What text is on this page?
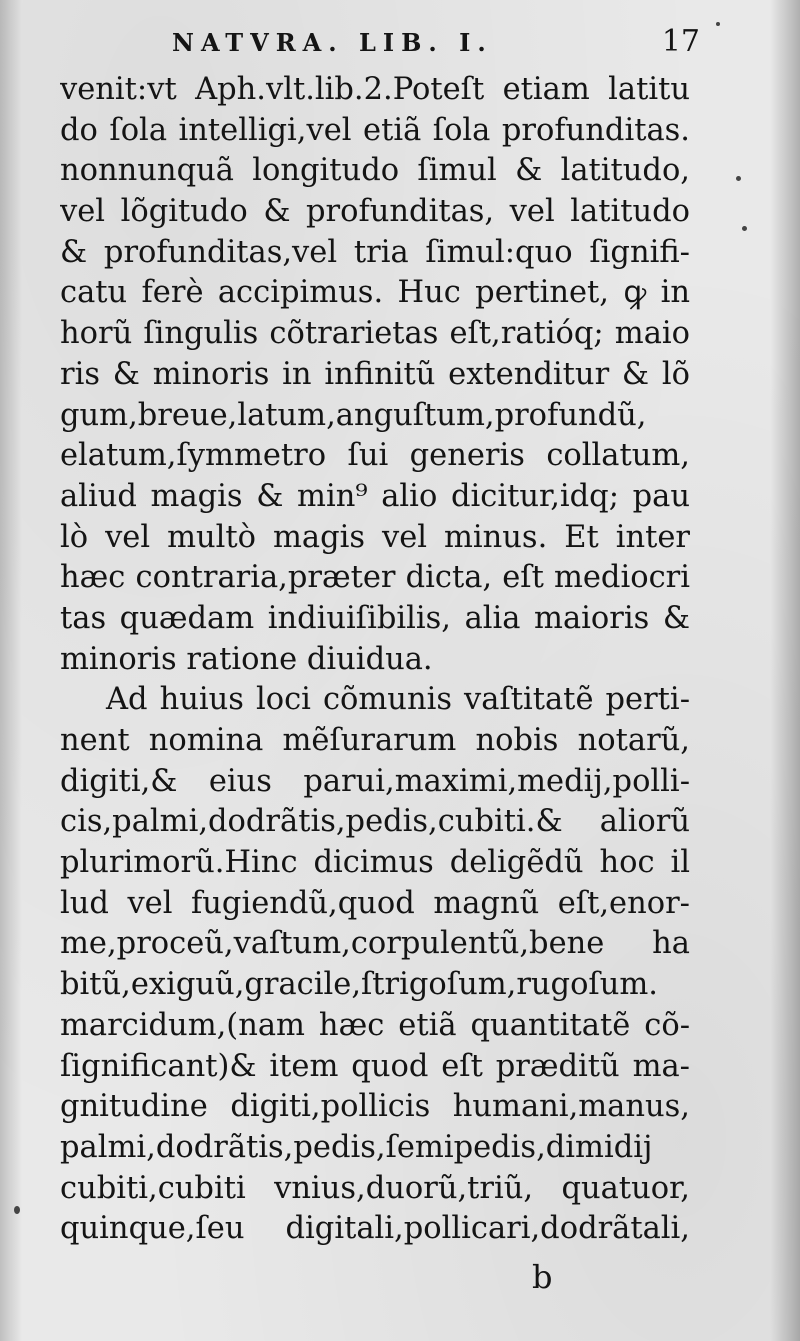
NATVRA. LIB. I.	17
venit:vt Aph.vlt.lib.2.Poteſt etiam latitu
do ſola intelligi,vel etiã ſola profunditas.
nonnunquã longitudo ſimul & latitudo,
vel lõgitudo & profunditas, vel latitudo
& profunditas,vel tria ſimul:quo ſignifi-
catu ferè accipimus. Huc pertinet, ꝙ in
horũ ſingulis cõtrarietas eſt,ratióq; maio
ris & minoris in infinitũ extenditur & lõ
gum,breue,latum,anguſtum,profundũ,
elatum,ſymmetro ſui generis collatum,
aliud magis & min⁹ alio dicitur,idq; pau
lò vel multò magis vel minus. Et inter
hæc contraria,præter dicta, eſt mediocri
tas quædam indiuiſibilis, alia maioris &
minoris ratione diuidua.
Ad huius loci cõmunis vaſtitatẽ perti-
nent nomina mẽſurarum nobis notarũ,
digiti,& eius parui,maximi,medij,polli-
cis,palmi,dodrãtis,pedis,cubiti.& aliorũ
plurimorũ.Hinc dicimus deligẽdũ hoc il
lud vel fugiendũ,quod magnũ eſt,enor-
me,proceũ,vaſtum,corpulentũ,bene ha
bitũ,exiguũ,gracile,ſtrigoſum,rugoſum.
marcidum,(nam hæc etiã quantitatẽ cõ-
ſignificant)& item quod eſt præditũ ma-
gnitudine digiti,pollicis humani,manus,
palmi,dodrãtis,pedis,ſemipedis,dimidij
cubiti,cubiti vnius,duorũ,triũ, quatuor,
quinque,ſeu digitali,pollicari,dodrãtali,
b
